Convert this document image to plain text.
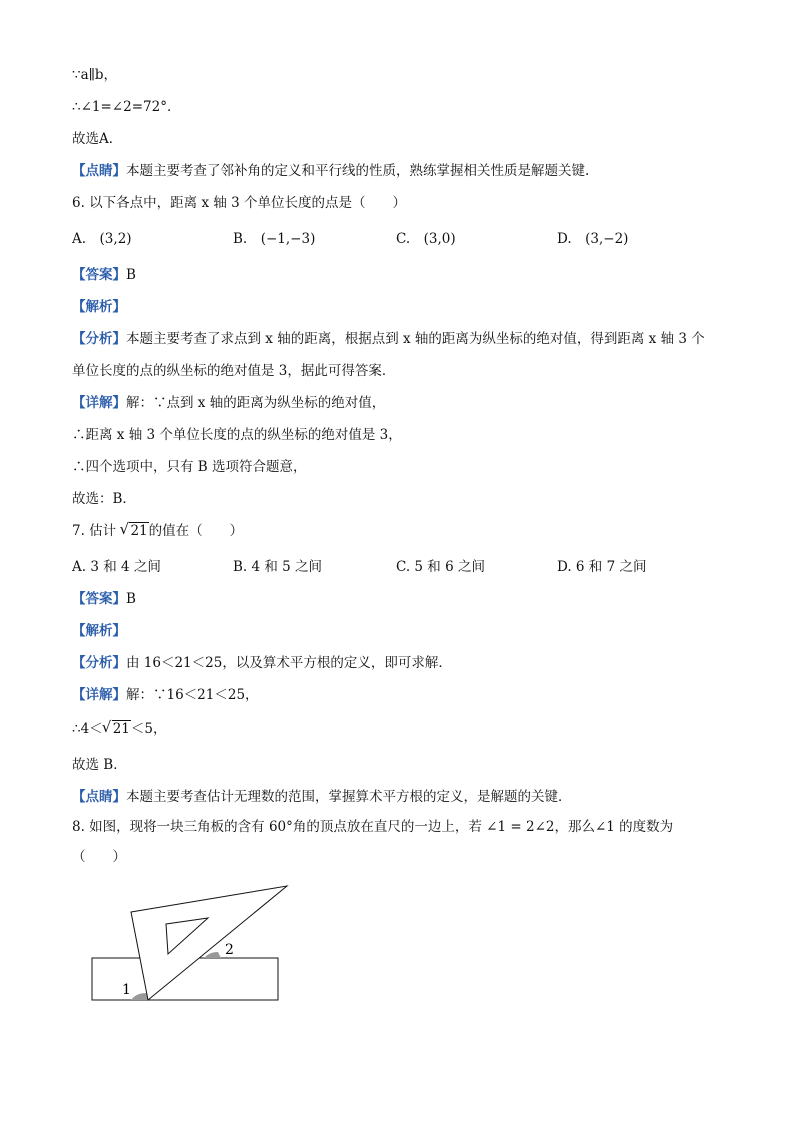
∵a∥b，
∴∠1=∠2=72°．
故选A．
【点睛】本题主要考查了邻补角的定义和平行线的性质，熟练掌握相关性质是解题关键.
6. 以下各点中，距离 x 轴 3 个单位长度的点是（　　）
A.　(3,2)	B.　(−1,−3)	C.　(3,0)	D.　(3,−2)
【答案】B
【解析】
【分析】本题主要考查了求点到 x 轴的距离，根据点到 x 轴的距离为纵坐标的绝对值，得到距离 x 轴 3 个
单位长度的点的纵坐标的绝对值是 3，据此可得答案．
【详解】解：∵点到 x 轴的距离为纵坐标的绝对值，
∴距离 x 轴 3 个单位长度的点的纵坐标的绝对值是 3，
∴四个选项中，只有 B 选项符合题意，
故选：B．
7. 估计 √ 21的值在（　　）
A. 3 和 4 之间	B. 4 和 5 之间	C. 5 和 6 之间	D. 6 和 7 之间
【答案】B
【解析】
【分析】由 16＜21＜25，以及算术平方根的定义，即可求解．
【详解】解：∵16＜21＜25，
∴4＜ √ 21＜5，
故选 B．
【点睛】本题主要考查估计无理数的范围，掌握算术平方根的定义，是解题的关键．
8. 如图，现将一块三角板的含有 60°角的顶点放在直尺的一边上，若 ∠1 = 2∠2，那么∠1 的度数为
（　　）
1
2
